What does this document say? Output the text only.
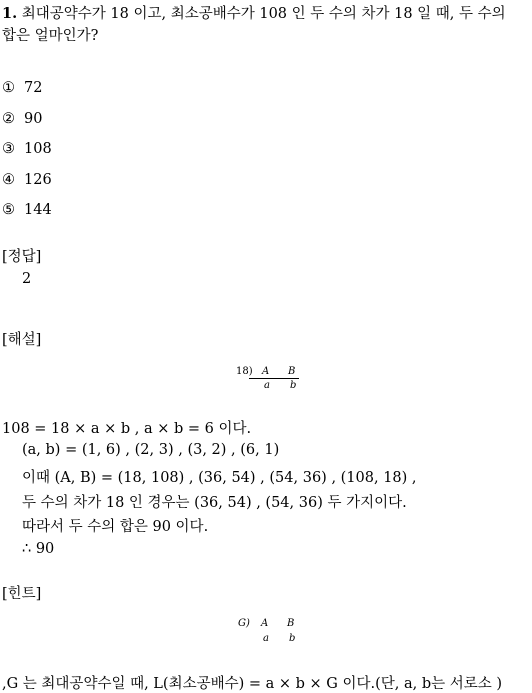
1. 최대공약수가 18 이고, 최소공배수가 108 인 두 수의 차가 18 일 때, 두 수의
합은 얼마인가?
① 72
② 90
③ 108
④ 126
⑤ 144
[정답]
2
[해설]
18) A B
a b
108 = 18 × a × b , a × b = 6 이다.
(a, b) = (1, 6) , (2, 3) , (3, 2) , (6, 1)
이때 (A, B) = (18, 108) , (36, 54) , (54, 36) , (108, 18) ,
두 수의 차가 18 인 경우는 (36, 54) , (54, 36) 두 가지이다.
따라서 두 수의 합은 90 이다.
∴ 90
[힌트]
G) A B
a b
,G 는 최대공약수일 때, L(최소공배수) = a × b × G 이다.(단, a, b는 서로소 )
